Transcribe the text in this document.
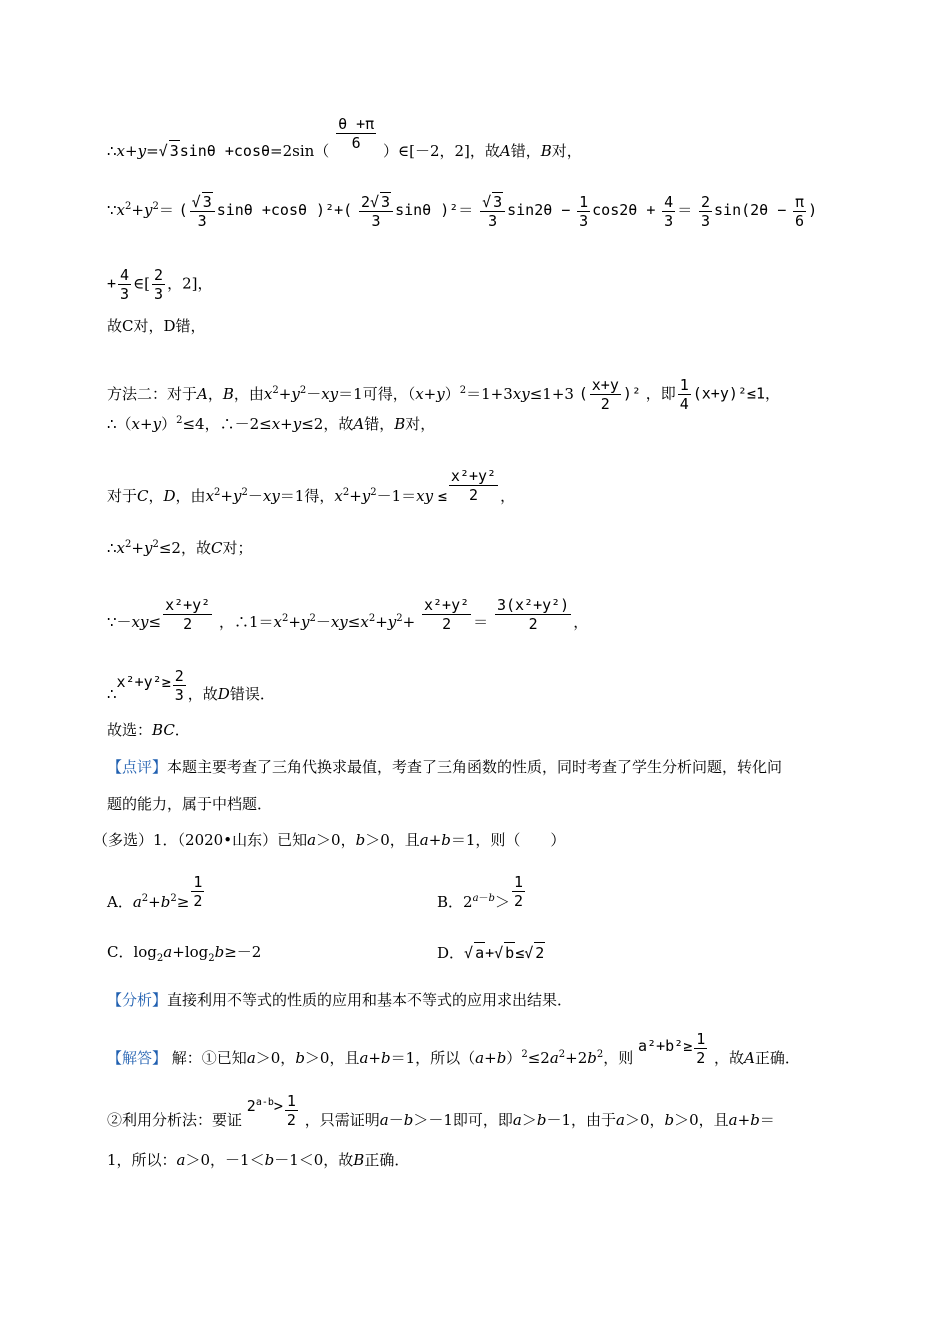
∴x+y=√ $3\sin\theta +\cos\theta=2\sin( \frac{\theta +\pi}{6}$ ）∈[－2，2]，故A错，B对，
$\because x^2+y^2=$ ( $\frac{√ 3}{3}$ sinθ +cosθ )$^2+( \frac{2√ 3}{3}$ sinθ )$^2= \frac{√ 3}{3} \sin 2\theta - \frac{1}{3} \cos 2\theta + \frac{4}{3} = \frac{2}{3} \sin(2\theta - \frac{\pi}{6}$ )
+ $\frac{4}{3}$ ∈[ $\frac{2}{3}$ ，2]，
故C对，D错，
方法二：对于A，B，由$x^2+y^2-xy=1$可得，$(x+y)^2=1+3xy\le 1+3$ ( $\frac{x+y}{2} )^2$ ，即 $\frac{1}{4} (x+y)^2\le 1$，
$\therefore(x+y)^2\le 4$，∴－2≤x+y≤2，故A错，B对，
对于C，D，由$x^2+y^2-xy=1$得，$x^2+y^2-1=xy \le \frac{\text{x²+y²}}{2}$ ，
$\therefore x^2+y^2\le 2$，故C对；
∵－xy≤ $\frac{\text{x²+y²}}{2}$ ，$\therefore 1=x^2+y^2-xy\le x^2+y^2+ \frac{\text{x²+y²}}{2} = \frac{\text{3(x²+y²)}}{2}$ ，
∴x²+y²≥ $\frac{2}{3}$ ，故D错误．
故选：BC．
【点评】本题主要考查了三角代换求最值，考查了三角函数的性质，同时考查了学生分析问题，转化问
题的能力，属于中档题．
（多选）1．（2020•山东）已知a＞0，b＞0，且a+b＝1，则（　　）
A．$a^2+b^2\ge \frac{1}{2}$	B．$2^{a-b}> \frac{1}{2}$
C．$\log_2a+\log_2b\ge-2$	D．√ a+√ b≤√ 2
【分析】直接利用不等式的性质的应用和基本不等式的应用求出结果．
【解答】 解：①已知a＞0，b＞0，且a+b＝1，所以$(a+b)^2\le 2a^2+2b^2$，则 $a^2+b^2\ge \frac{1}{2}$ ，故A正确．
②利用分析法：要证 $2^{a-b}> \frac{1}{2}$ ，只需证明a－b＞－1即可，即a＞b－1，由于a＞0，b＞0，且a+b＝
1，所以：a＞0，－1＜b－1＜0，故B正确．
